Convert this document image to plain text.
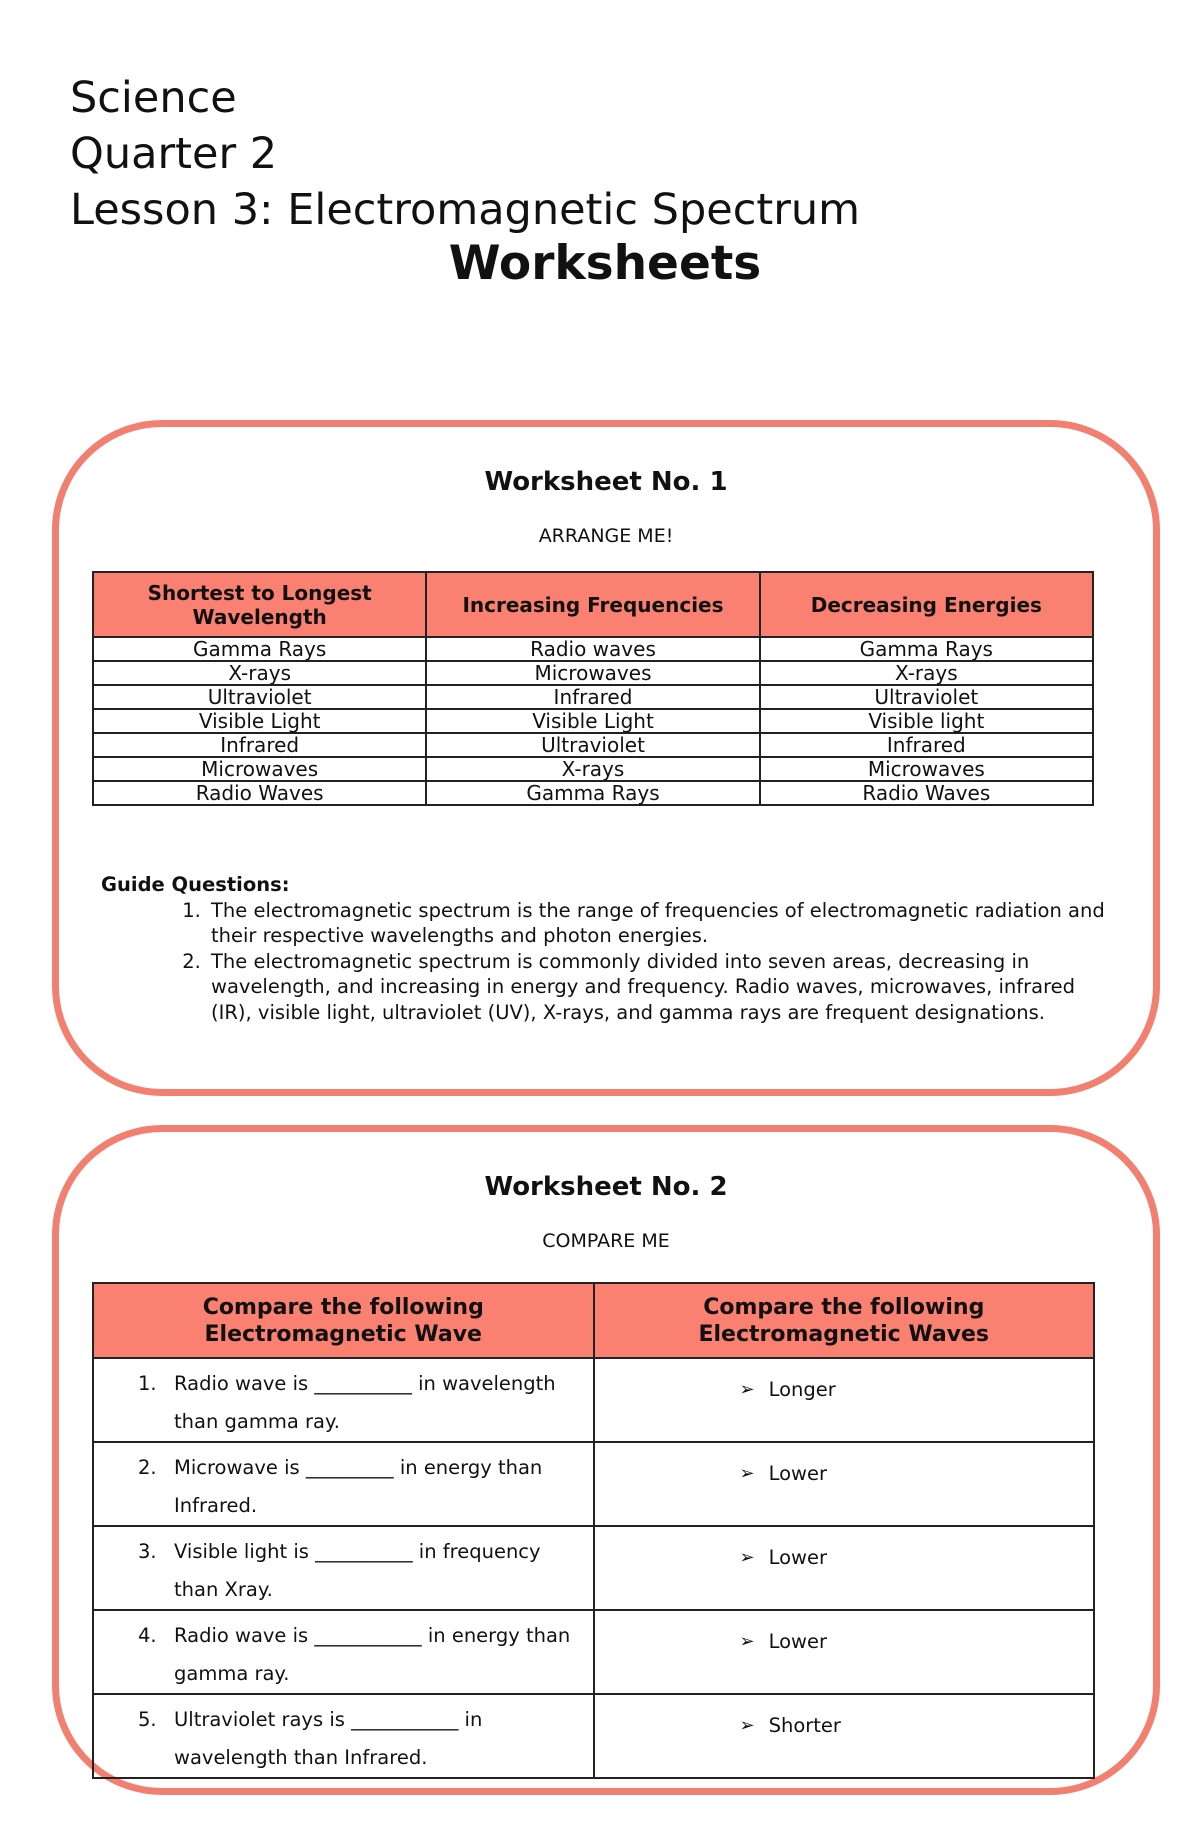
Science
Quarter 2
Lesson 3: Electromagnetic Spectrum
Worksheets
Worksheet No. 1
ARRANGE ME!
Shortest to Longest Wavelength	Increasing Frequencies	Decreasing Energies
Gamma Rays	Radio waves	Gamma Rays
X-rays	Microwaves	X-rays
Ultraviolet	Infrared	Ultraviolet
Visible Light	Visible Light	Visible light
Infrared	Ultraviolet	Infrared
Microwaves	X-rays	Microwaves
Radio Waves	Gamma Rays	Radio Waves
Guide Questions:
1. The electromagnetic spectrum is the range of frequencies of electromagnetic radiation and their respective wavelengths and photon energies.
2. The electromagnetic spectrum is commonly divided into seven areas, decreasing in wavelength, and increasing in energy and frequency. Radio waves, microwaves, infrared (IR), visible light, ultraviolet (UV), X-rays, and gamma rays are frequent designations.
Worksheet No. 2
COMPARE ME
Compare the following Electromagnetic Wave	Compare the following Electromagnetic Waves

1. Radio wave is __________ in wavelength than gamma ray.	➢ Longer

2. Microwave is _________ in energy than Infrared.	➢ Lower

3. Visible light is __________ in frequency than Xray.	➢ Lower

4. Radio wave is ___________ in energy than gamma ray.	➢ Lower

5. Ultraviolet rays is ___________ in wavelength than Infrared.	➢ Shorter
